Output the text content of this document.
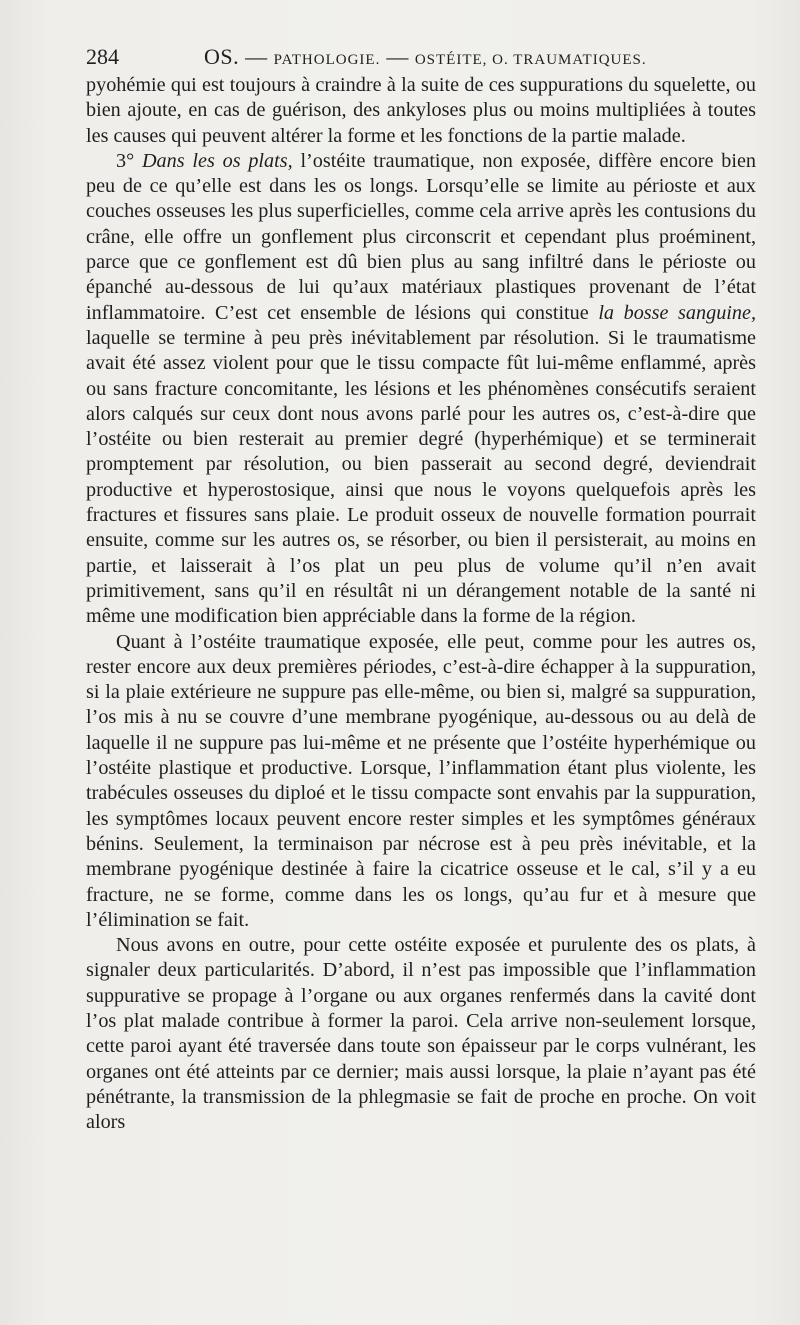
284	OS. — PATHOLOGIE. — OSTÉITE, O. TRAUMATIQUES.

pyohémie qui est toujours à craindre à la suite de ces suppurations du squelette, ou bien ajoute, en cas de guérison, des ankyloses plus ou moins multipliées à toutes les causes qui peuvent altérer la forme et les fonctions de la partie malade.

3° Dans les os plats, l’ostéite traumatique, non exposée, diffère encore bien peu de ce qu’elle est dans les os longs. Lorsqu’elle se limite au périoste et aux couches osseuses les plus superficielles, comme cela arrive après les contusions du crâne, elle offre un gonflement plus circonscrit et cependant plus proéminent, parce que ce gonflement est dû bien plus au sang infiltré dans le périoste ou épanché au-dessous de lui qu’aux matériaux plastiques provenant de l’état inflammatoire. C’est cet ensemble de lésions qui constitue la bosse sanguine, laquelle se termine à peu près inévitablement par résolution. Si le traumatisme avait été assez violent pour que le tissu compacte fût lui-même enflammé, après ou sans fracture concomitante, les lésions et les phénomènes consécutifs seraient alors calqués sur ceux dont nous avons parlé pour les autres os, c’est-à-dire que l’ostéite ou bien resterait au premier degré (hyperhémique) et se terminerait promptement par résolution, ou bien passerait au second degré, deviendrait productive et hyperostosique, ainsi que nous le voyons quelquefois après les fractures et fissures sans plaie. Le produit osseux de nouvelle formation pourrait ensuite, comme sur les autres os, se résorber, ou bien il persisterait, au moins en partie, et laisserait à l’os plat un peu plus de volume qu’il n’en avait primitivement, sans qu’il en résultât ni un dérangement notable de la santé ni même une modification bien appréciable dans la forme de la région.

Quant à l’ostéite traumatique exposée, elle peut, comme pour les autres os, rester encore aux deux premières périodes, c’est-à-dire échapper à la suppuration, si la plaie extérieure ne suppure pas elle-même, ou bien si, malgré sa suppuration, l’os mis à nu se couvre d’une membrane pyogénique, au-dessous ou au delà de laquelle il ne suppure pas lui-même et ne présente que l’ostéite hyperhémique ou l’ostéite plastique et productive. Lorsque, l’inflammation étant plus violente, les trabécules osseuses du diploé et le tissu compacte sont envahis par la suppuration, les symptômes locaux peuvent encore rester simples et les symptômes généraux bénins. Seulement, la terminaison par nécrose est à peu près inévitable, et la membrane pyogénique destinée à faire la cicatrice osseuse et le cal, s’il y a eu fracture, ne se forme, comme dans les os longs, qu’au fur et à mesure que l’élimination se fait.

Nous avons en outre, pour cette ostéite exposée et purulente des os plats, à signaler deux particularités. D’abord, il n’est pas impossible que l’inflammation suppurative se propage à l’organe ou aux organes renfermés dans la cavité dont l’os plat malade contribue à former la paroi. Cela arrive non-seulement lorsque, cette paroi ayant été traversée dans toute son épaisseur par le corps vulnérant, les organes ont été atteints par ce dernier; mais aussi lorsque, la plaie n’ayant pas été pénétrante, la transmission de la phlegmasie se fait de proche en proche. On voit alors
